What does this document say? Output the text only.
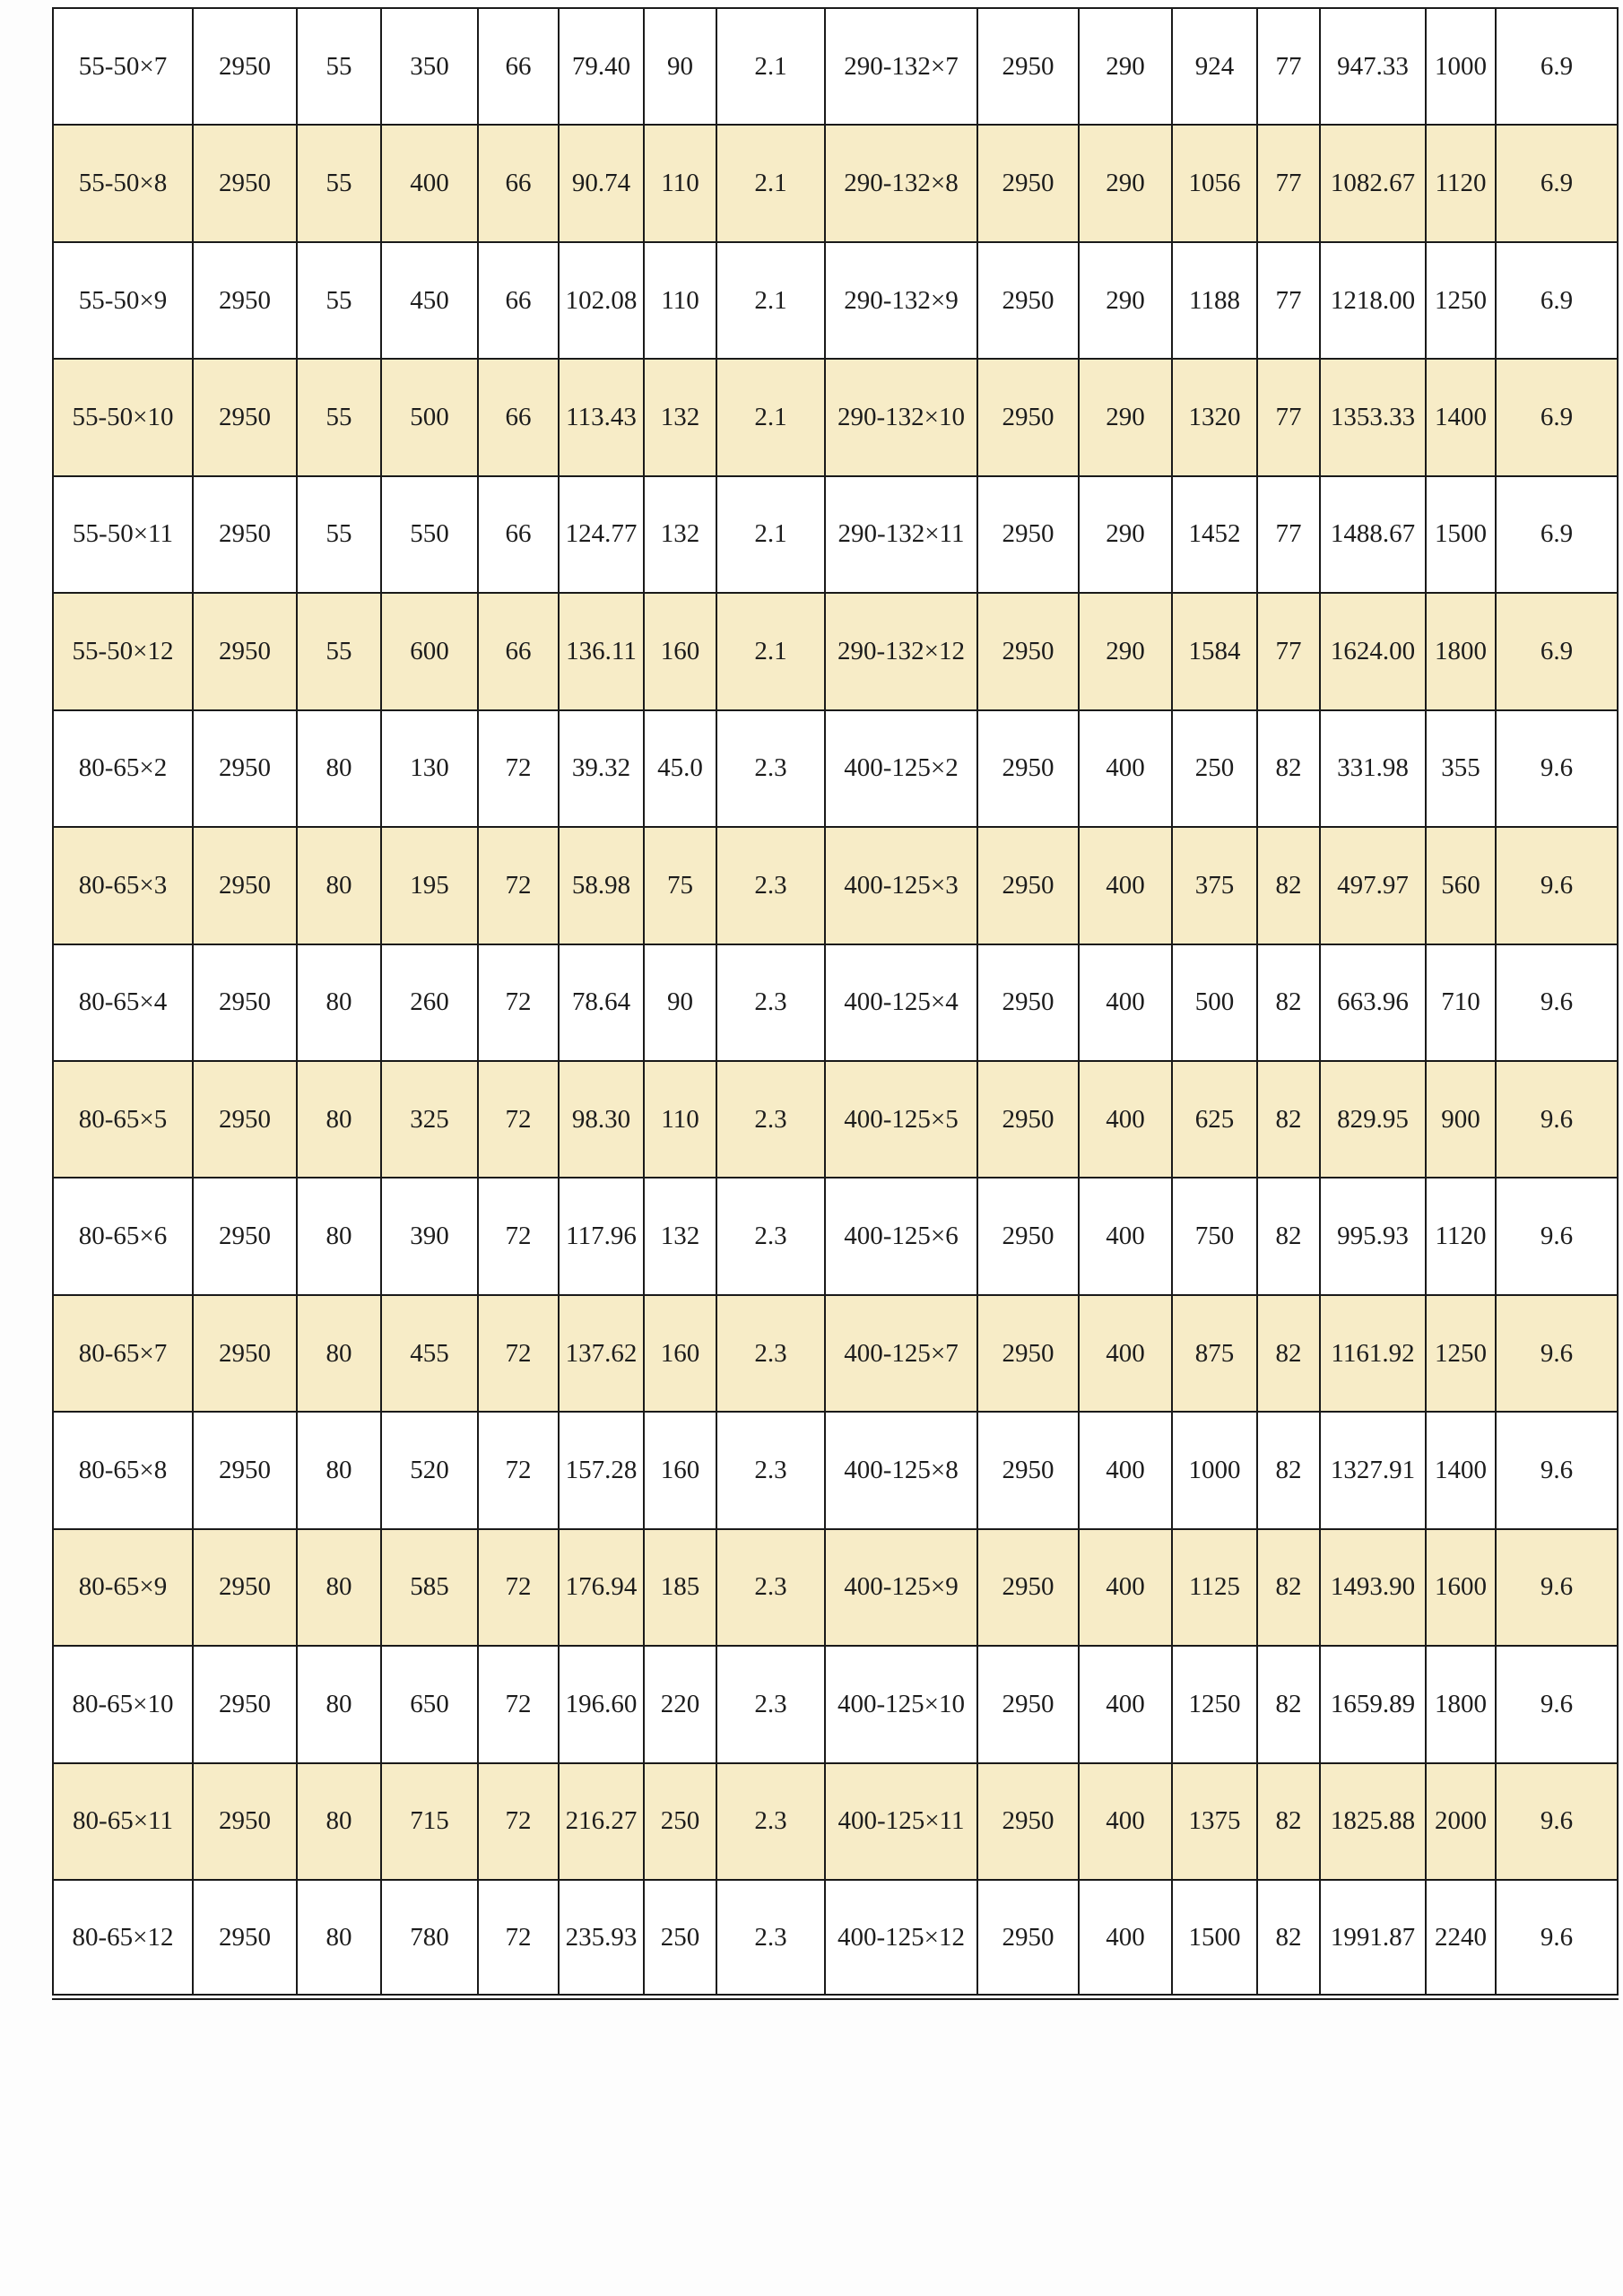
55-50×7	2950	55	350	66	79.40	90	2.1	290-132×7	2950	290	924	77	947.33	1000	6.9
55-50×8	2950	55	400	66	90.74	110	2.1	290-132×8	2950	290	1056	77	1082.67	1120	6.9
55-50×9	2950	55	450	66	102.08	110	2.1	290-132×9	2950	290	1188	77	1218.00	1250	6.9
55-50×10	2950	55	500	66	113.43	132	2.1	290-132×10	2950	290	1320	77	1353.33	1400	6.9
55-50×11	2950	55	550	66	124.77	132	2.1	290-132×11	2950	290	1452	77	1488.67	1500	6.9
55-50×12	2950	55	600	66	136.11	160	2.1	290-132×12	2950	290	1584	77	1624.00	1800	6.9
80-65×2	2950	80	130	72	39.32	45.0	2.3	400-125×2	2950	400	250	82	331.98	355	9.6
80-65×3	2950	80	195	72	58.98	75	2.3	400-125×3	2950	400	375	82	497.97	560	9.6
80-65×4	2950	80	260	72	78.64	90	2.3	400-125×4	2950	400	500	82	663.96	710	9.6
80-65×5	2950	80	325	72	98.30	110	2.3	400-125×5	2950	400	625	82	829.95	900	9.6
80-65×6	2950	80	390	72	117.96	132	2.3	400-125×6	2950	400	750	82	995.93	1120	9.6
80-65×7	2950	80	455	72	137.62	160	2.3	400-125×7	2950	400	875	82	1161.92	1250	9.6
80-65×8	2950	80	520	72	157.28	160	2.3	400-125×8	2950	400	1000	82	1327.91	1400	9.6
80-65×9	2950	80	585	72	176.94	185	2.3	400-125×9	2950	400	1125	82	1493.90	1600	9.6
80-65×10	2950	80	650	72	196.60	220	2.3	400-125×10	2950	400	1250	82	1659.89	1800	9.6
80-65×11	2950	80	715	72	216.27	250	2.3	400-125×11	2950	400	1375	82	1825.88	2000	9.6
80-65×12	2950	80	780	72	235.93	250	2.3	400-125×12	2950	400	1500	82	1991.87	2240	9.6
